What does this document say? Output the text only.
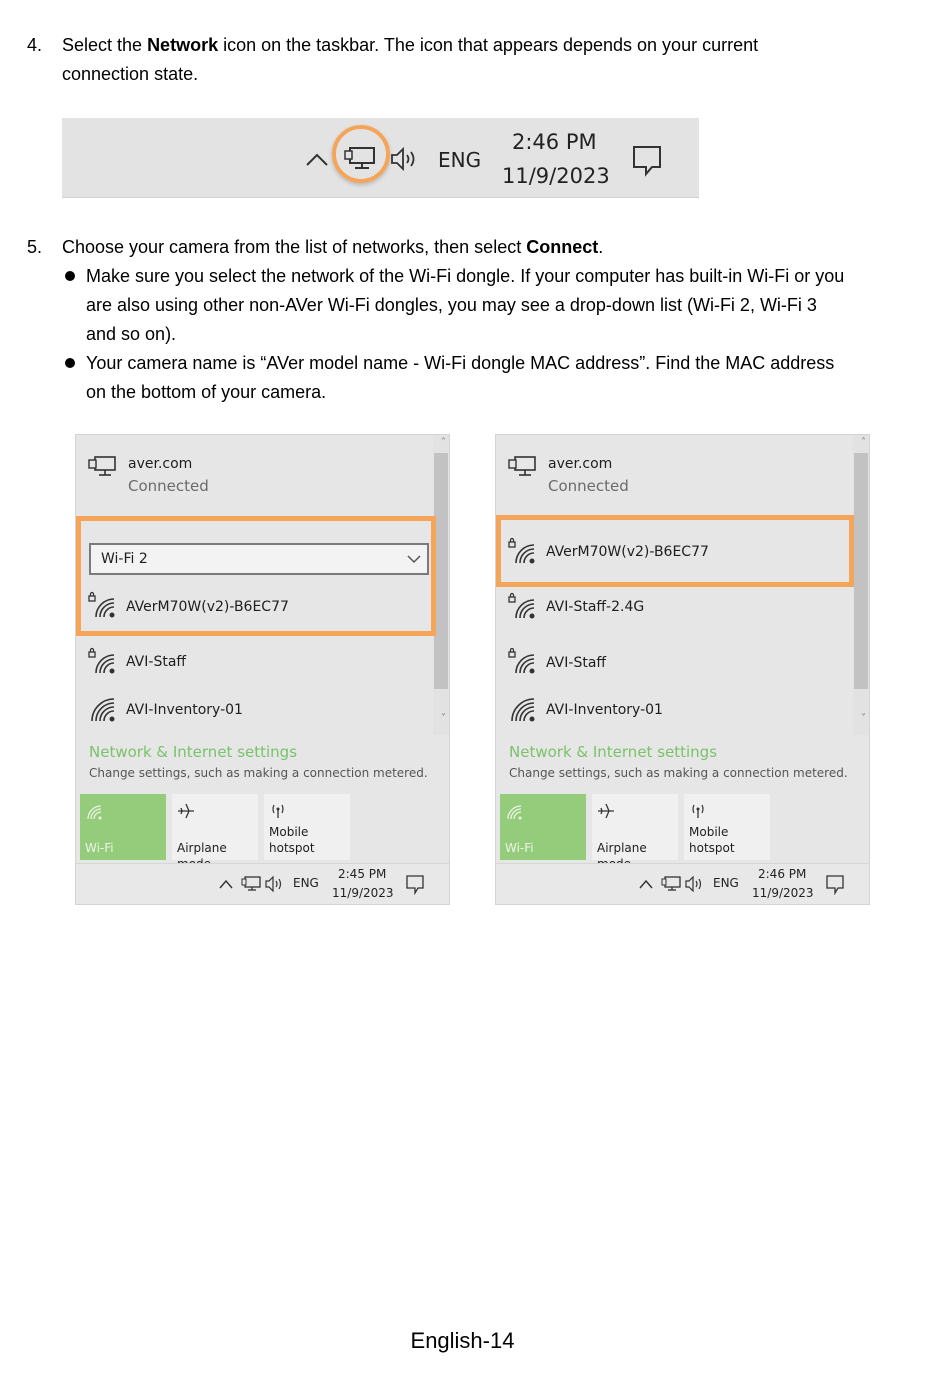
4. Select the Network icon on the taskbar. The icon that appears depends on your current
connection state.
ENG
2:46 PM
11/9/2023
5. Choose your camera from the list of networks, then select Connect.
Make sure you select the network of the Wi-Fi dongle. If your computer has built-in Wi-Fi or you
are also using other non-AVer Wi-Fi dongles, you may see a drop-down list (Wi-Fi 2, Wi-Fi 3
and so on).
Your camera name is “AVer model name - Wi-Fi dongle MAC address”. Find the MAC address
on the bottom of your camera.
˄
˅
aver.com
Connected
Wi-Fi 2
AVerM70W(v2)-B6EC77
AVI-Staff
AVI-Inventory-01
Network & Internet settings
Change settings, such as making a connection metered.
Wi-Fi	Airplane
Mobile
hotspot
ENG
2:45 PM
11/9/2023
˄
˅
aver.com
Connected
AVerM70W(v2)-B6EC77
AVI-Staff-2.4G
AVI-Staff
AVI-Inventory-01
Network & Internet settings
Change settings, such as making a connection metered.
Wi-Fi	Airplane
Mobile
hotspot
ENG
2:46 PM
11/9/2023
English-14
